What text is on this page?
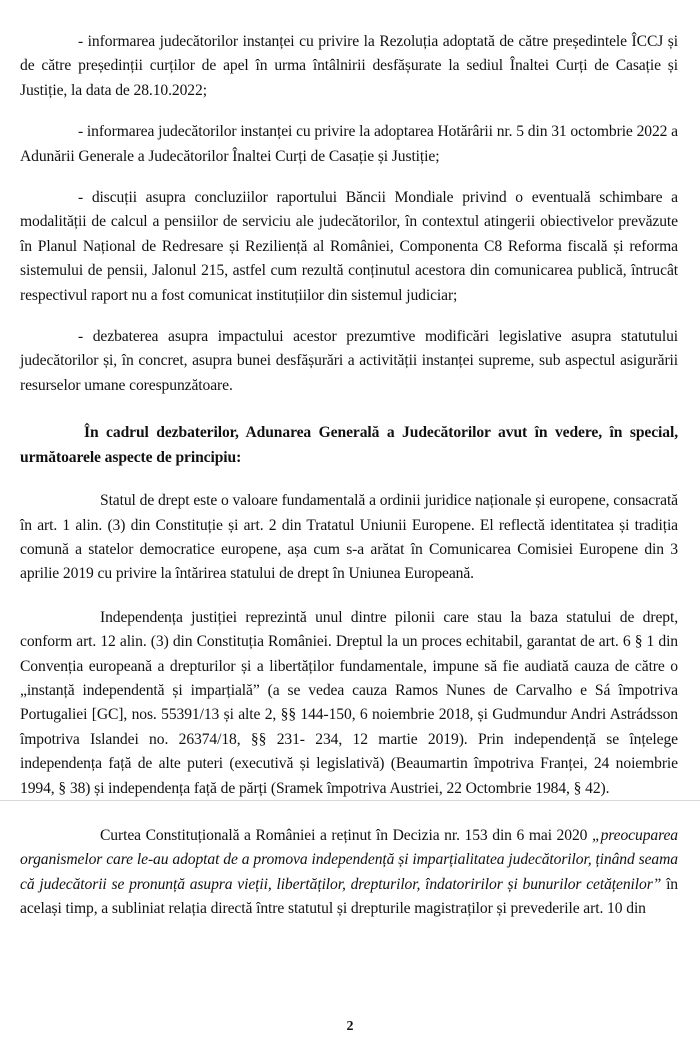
- informarea judecătorilor instanței cu privire la Rezoluția adoptată de către președintele ÎCCJ și de către președinții curților de apel în urma întâlnirii desfășurate la sediul Înaltei Curți de Casație și Justiție, la data de 28.10.2022;

- informarea judecătorilor instanței cu privire la adoptarea Hotărârii nr. 5 din 31 octombrie 2022 a Adunării Generale a Judecătorilor Înaltei Curți de Casație și Justiție;

- discuții asupra concluziilor raportului Băncii Mondiale privind o eventuală schimbare a modalității de calcul a pensiilor de serviciu ale judecătorilor, în contextul atingerii obiectivelor prevăzute în Planul Național de Redresare și Reziliență al României, Componenta C8 Reforma fiscală și reforma sistemului de pensii, Jalonul 215, astfel cum rezultă conținutul acestora din comunicarea publică, întrucât respectivul raport nu a fost comunicat instituțiilor din sistemul judiciar;

- dezbaterea asupra impactului acestor prezumtive modificări legislative asupra statutului judecătorilor și, în concret, asupra bunei desfășurări a activității instanței supreme, sub aspectul asigurării resurselor umane corespunzătoare.

În cadrul dezbaterilor, Adunarea Generală a Judecătorilor avut în vedere, în special, următoarele aspecte de principiu:

Statul de drept este o valoare fundamentală a ordinii juridice naționale și europene, consacrată în art. 1 alin. (3) din Constituție și art. 2 din Tratatul Uniunii Europene. El reflectă identitatea și tradiția comună a statelor democratice europene, așa cum s-a arătat în Comunicarea Comisiei Europene din 3 aprilie 2019 cu privire la întărirea statului de drept în Uniunea Europeană.

Independența justiției reprezintă unul dintre pilonii care stau la baza statului de drept, conform art. 12 alin. (3) din Constituția României. Dreptul la un proces echitabil, garantat de art. 6 § 1 din Convenția europeană a drepturilor și a libertăților fundamentale, impune să fie audiată cauza de către o „instanță independentă și imparțială” (a se vedea cauza Ramos Nunes de Carvalho e Sá împotriva Portugaliei [GC], nos. 55391/13 și alte 2, §§ 144-150, 6 noiembrie 2018, și Gudmundur Andri Astrádsson împotriva Islandei no. 26374/18, §§ 231- 234, 12 martie 2019). Prin independență se înțelege independența față de alte puteri (executivă și legislativă) (Beaumartin împotriva Franței, 24 noiembrie 1994, § 38) și independența față de părți (Sramek împotriva Austriei, 22 Octombrie 1984, § 42).

Curtea Constituțională a României a reținut în Decizia nr. 153 din 6 mai 2020 „preocuparea organismelor care le-au adoptat de a promova independență și imparțialitatea judecătorilor, ținând seama că judecătorii se pronunță asupra vieții, libertăților, drepturilor, îndatoririlor și bunurilor cetățenilor” în același timp, a subliniat relația directă între statutul și drepturile magistraților și prevederile art. 10 din

2
